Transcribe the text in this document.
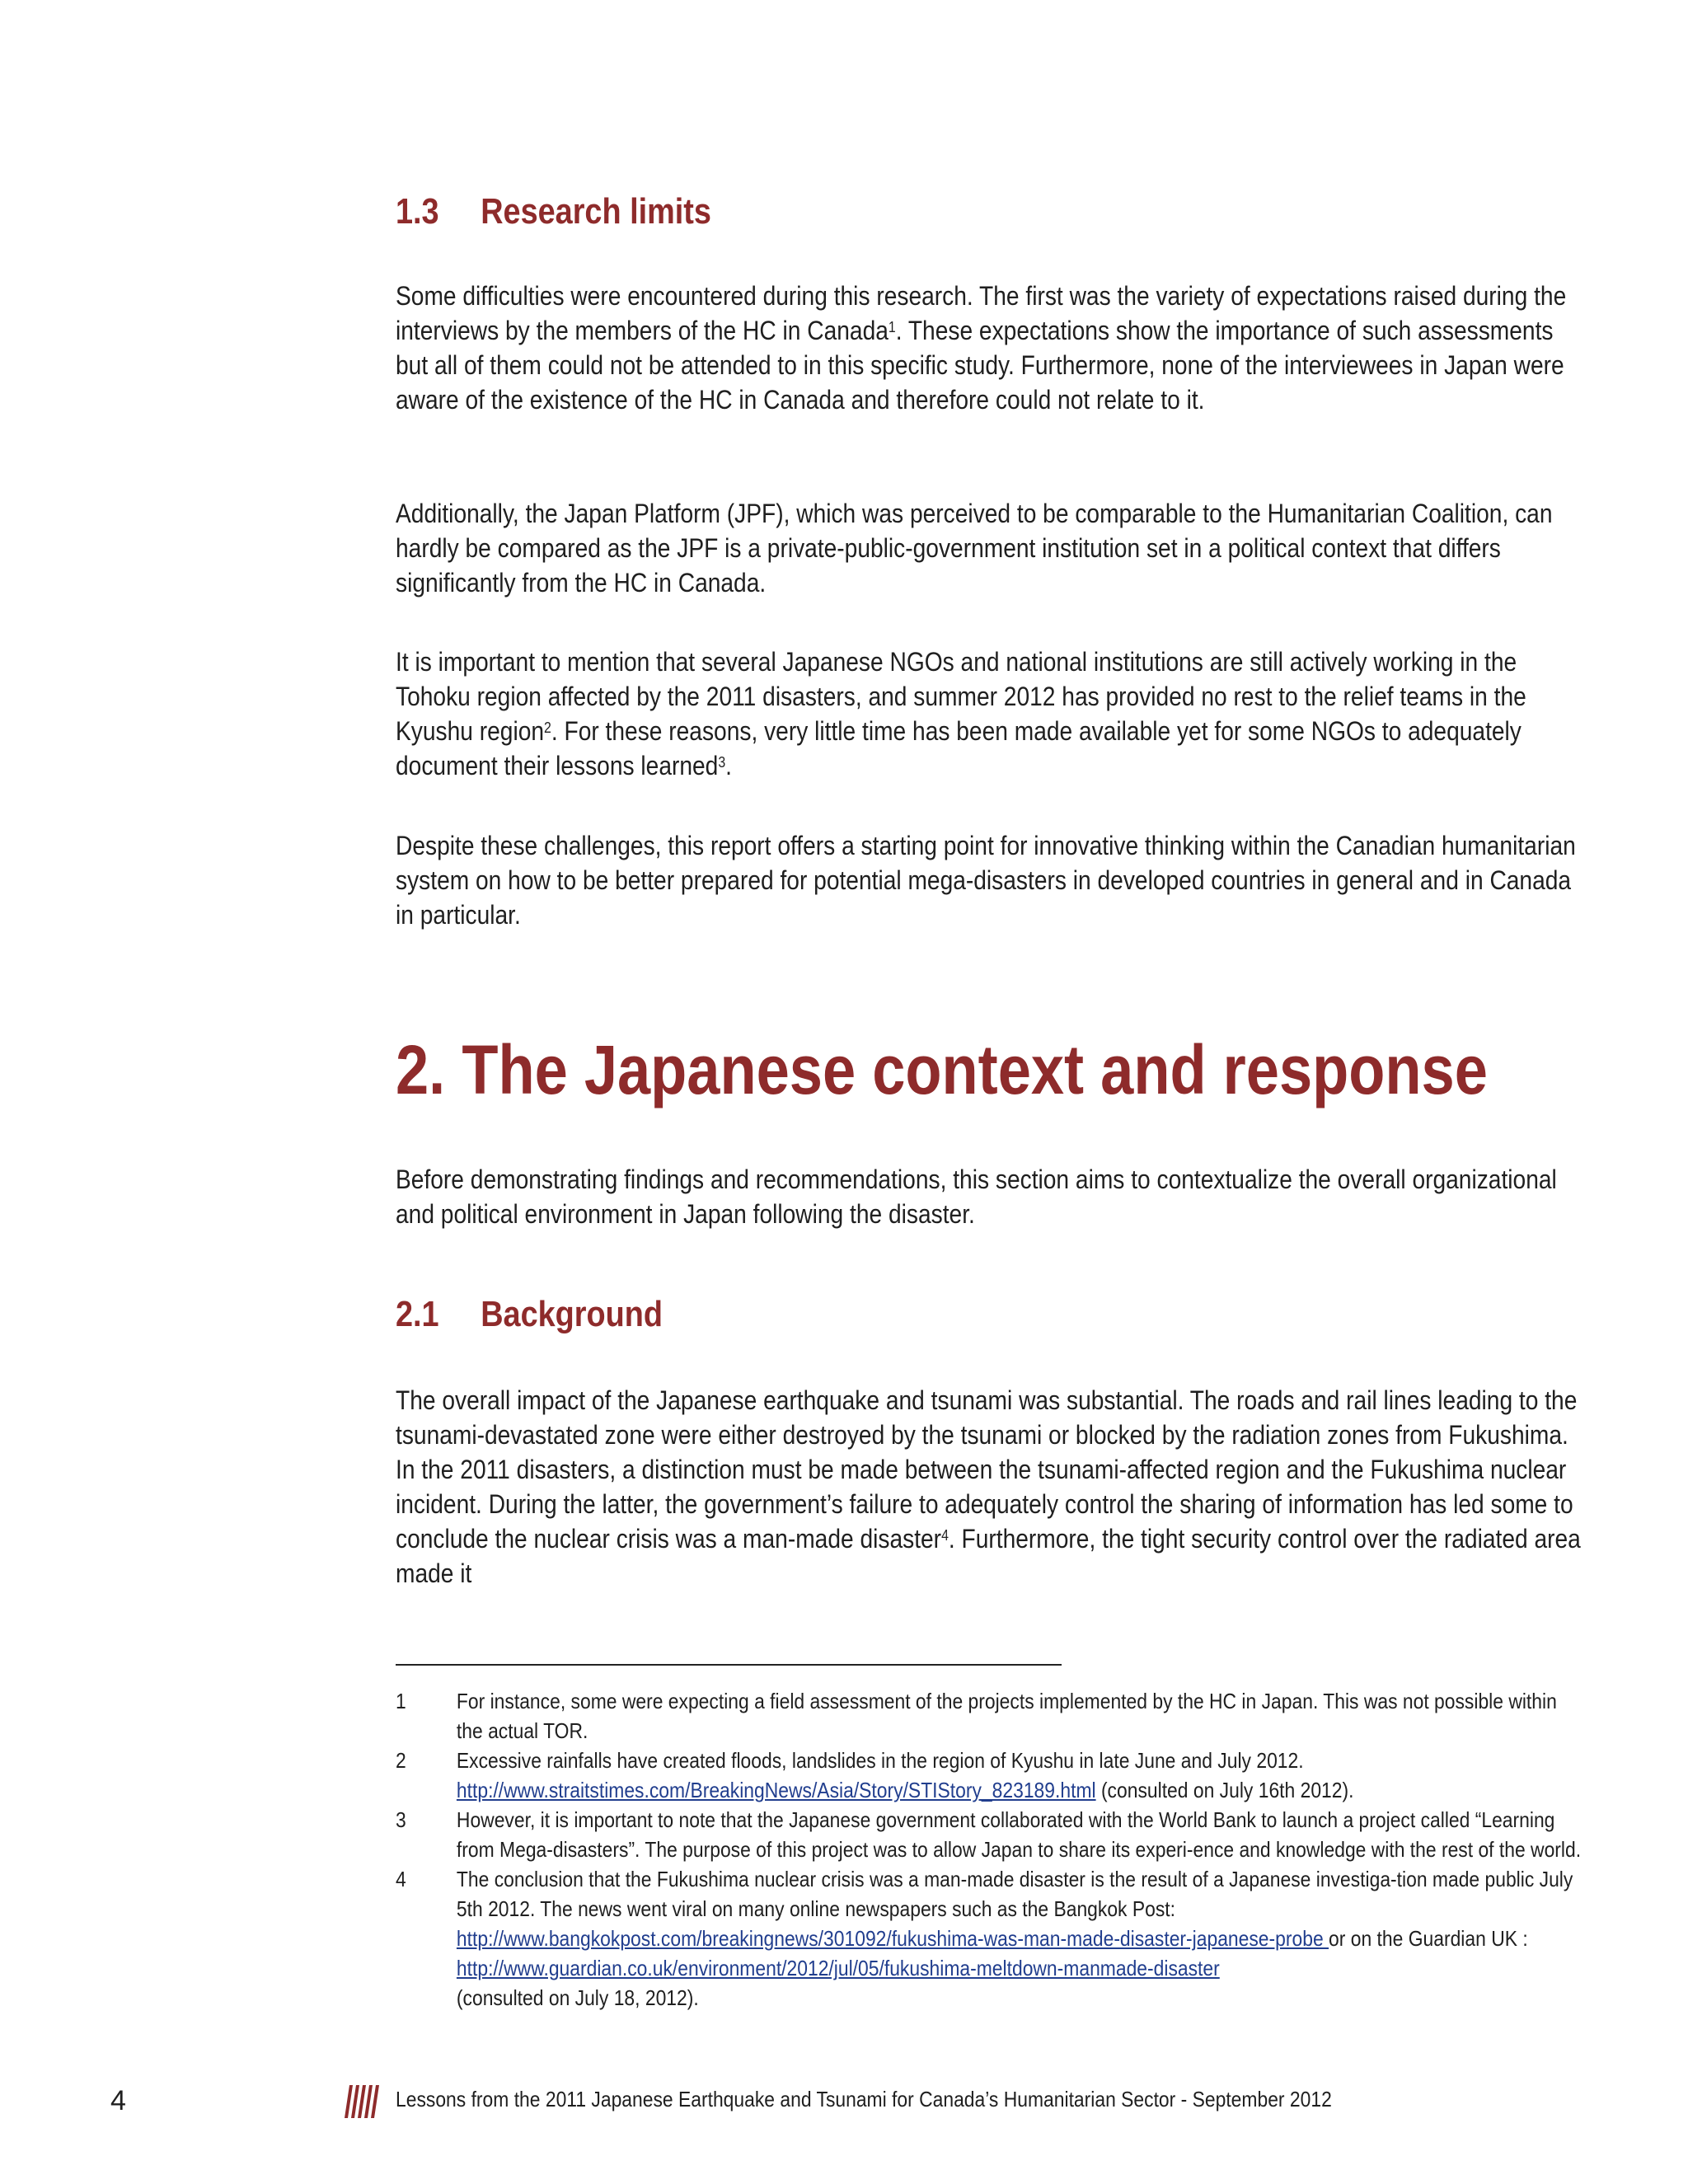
1.3 Research limits

Some difficulties were encountered during this research. The first was the variety of expectations raised during the interviews by the members of the HC in Canada$^1$. These expectations show the importance of such assessments but all of them could not be attended to in this specific study. Furthermore, none of the interviewees in Japan were aware of the existence of the HC in Canada and therefore could not relate to it.

Additionally, the Japan Platform (JPF), which was perceived to be comparable to the Humanitarian Coalition, can hardly be compared as the JPF is a private-public-government institution set in a political context that differs significantly from the HC in Canada.

It is important to mention that several Japanese NGOs and national institutions are still actively working in the Tohoku region affected by the 2011 disasters, and summer 2012 has provided no rest to the relief teams in the Kyushu region$^2$. For these reasons, very little time has been made available yet for some NGOs to adequately document their lessons learned$^3$.

Despite these challenges, this report offers a starting point for innovative thinking within the Canadian humanitarian system on how to be better prepared for potential mega-disasters in developed countries in general and in Canada in particular.

2. The Japanese context and response

Before demonstrating findings and recommendations, this section aims to contextualize the overall organizational and political environment in Japan following the disaster.

2.1 Background

The overall impact of the Japanese earthquake and tsunami was substantial. The roads and rail lines leading to the tsunami-devastated zone were either destroyed by the tsunami or blocked by the radiation zones from Fukushima. In the 2011 disasters, a distinction must be made between the tsunami-affected region and the Fukushima nuclear incident. During the latter, the government’s failure to adequately control the sharing of information has led some to conclude the nuclear crisis was a man-made disaster$^4$. Furthermore, the tight security control over the radiated area made it

1	For instance, some were expecting a field assessment of the projects implemented by the HC in Japan. This was not possible within the actual TOR.
2	Excessive rainfalls have created floods, landslides in the region of Kyushu in late June and July 2012.
http://www.straitstimes.com/BreakingNews/Asia/Story/STIStory_823189.html (consulted on July 16th 2012).
3	However, it is important to note that the Japanese government collaborated with the World Bank to launch a project called “Learning from Mega-disasters”. The purpose of this project was to allow Japan to share its experi-ence and knowledge with the rest of the world.
4	The conclusion that the Fukushima nuclear crisis was a man-made disaster is the result of a Japanese investiga-tion made public July 5th 2012. The news went viral on many online newspapers such as the Bangkok Post: http://www.bangkokpost.com/breakingnews/301092/fukushima-was-man-made-disaster-japanese-probe or on the Guardian UK : http://www.guardian.co.uk/environment/2012/jul/05/fukushima-meltdown-manmade-disaster
(consulted on July 18, 2012).
4	Lessons from the 2011 Japanese Earthquake and Tsunami for Canada’s Humanitarian Sector - September 2012
